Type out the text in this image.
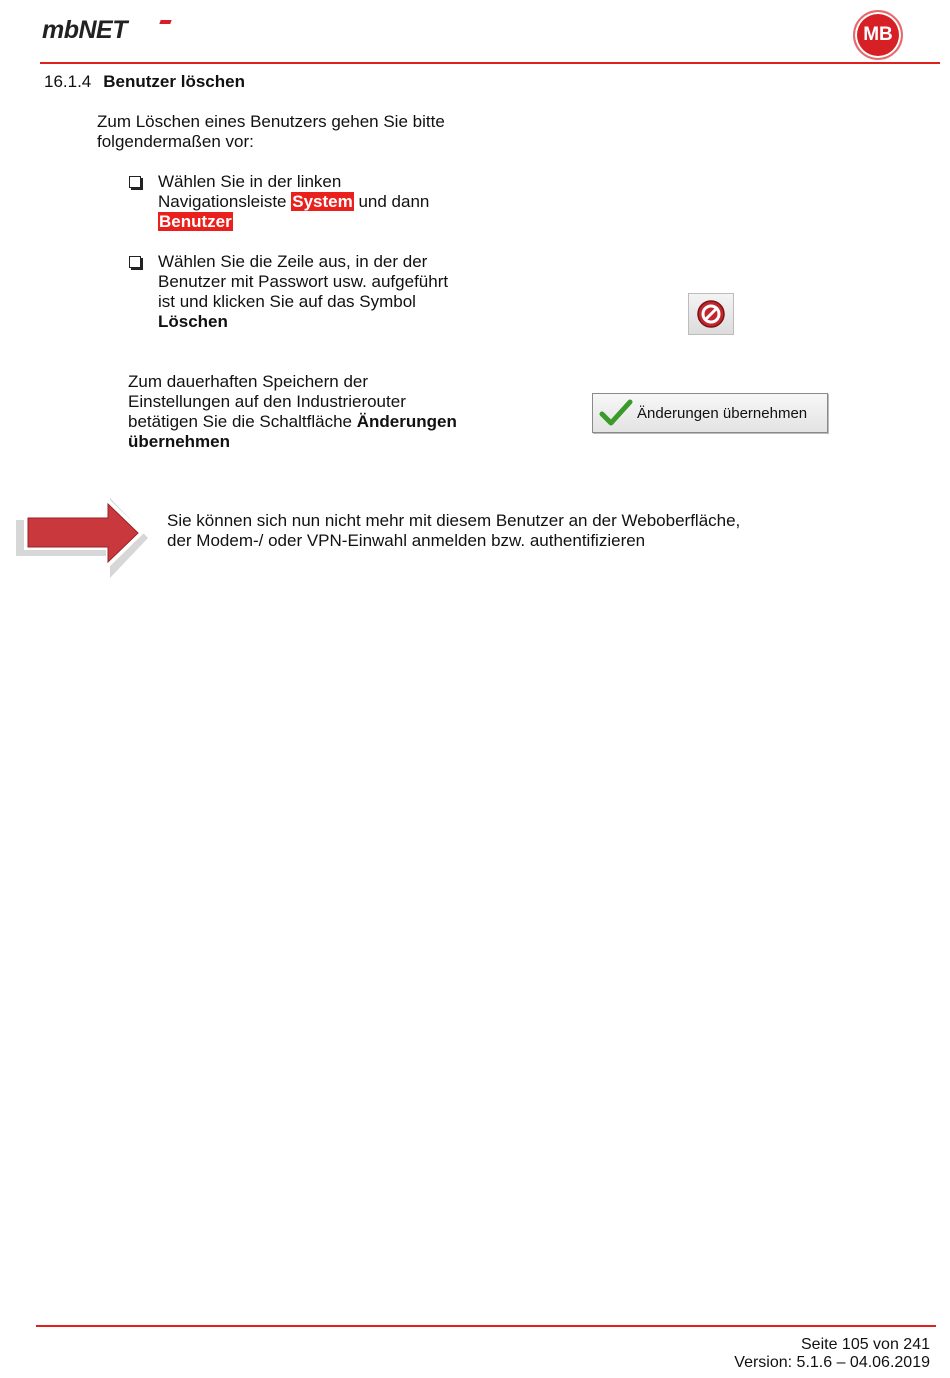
mbNET	MB
16.1.4 Benutzer löschen
Zum Löschen eines Benutzers gehen Sie bitte
folgendermaßen vor:
Wählen Sie in der linken
Navigationsleiste System und dann
Benutzer
Wählen Sie die Zeile aus, in der der
Benutzer mit Passwort usw. aufgeführt
ist und klicken Sie auf das Symbol
Löschen
Zum dauerhaften Speichern der
Einstellungen auf den Industrierouter
betätigen Sie die Schaltfläche Änderungen
übernehmen
Änderungen übernehmen
Sie können sich nun nicht mehr mit diesem Benutzer an der Weboberfläche,
der Modem-/ oder VPN-Einwahl anmelden bzw. authentifizieren
Seite 105 von 241
Version: 5.1.6 – 04.06.2019
